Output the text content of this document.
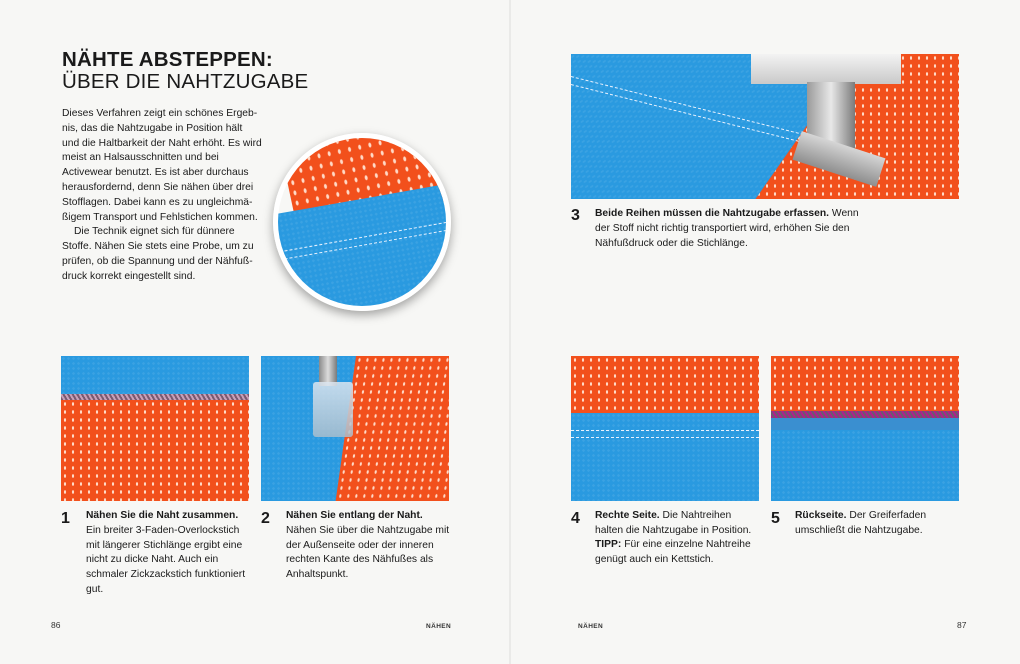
NÄHTE ABSTEPPEN:
ÜBER DIE NAHTZUGABE

Dieses Verfahren zeigt ein schönes Ergebnis, das die Nahtzugabe in Position hält und die Haltbarkeit der Naht erhöht. Es wird meist an Halsausschnitten und bei Activewear benutzt. Es ist aber durchaus herausfordernd, denn Sie nähen über drei Stofflagen. Dabei kann es zu ungleichmäßigem Transport und Fehlstichen kommen.

Die Technik eignet sich für dünnere Stoffe. Nähen Sie stets eine Probe, um zu prüfen, ob die Spannung und der Nähfußdruck korrekt eingestellt sind.

3 Beide Reihen müssen die Nahtzugabe erfassen. Wenn der Stoff nicht richtig transportiert wird, erhöhen Sie den Nähfußdruck oder die Stichlänge.
1 Nähen Sie die Naht zusammen. Ein breiter 3-Faden-Overlockstich mit längerer Stichlänge ergibt eine nicht zu dicke Naht. Auch ein schmaler Zickzackstich funktioniert gut.
2 Nähen Sie entlang der Naht. Nähen Sie über die Nahtzugabe mit der Außenseite oder der inneren rechten Kante des Nähfußes als Anhaltspunkt.
4 Rechte Seite. Die Nahtreihen halten die Nahtzugabe in Position.
TIPP: Für eine einzelne Nahtreihe genügt auch ein Kettstich.
5 Rückseite. Der Greiferfaden umschließt die Nahtzugabe.
86	NÄHEN	NÄHEN	87
